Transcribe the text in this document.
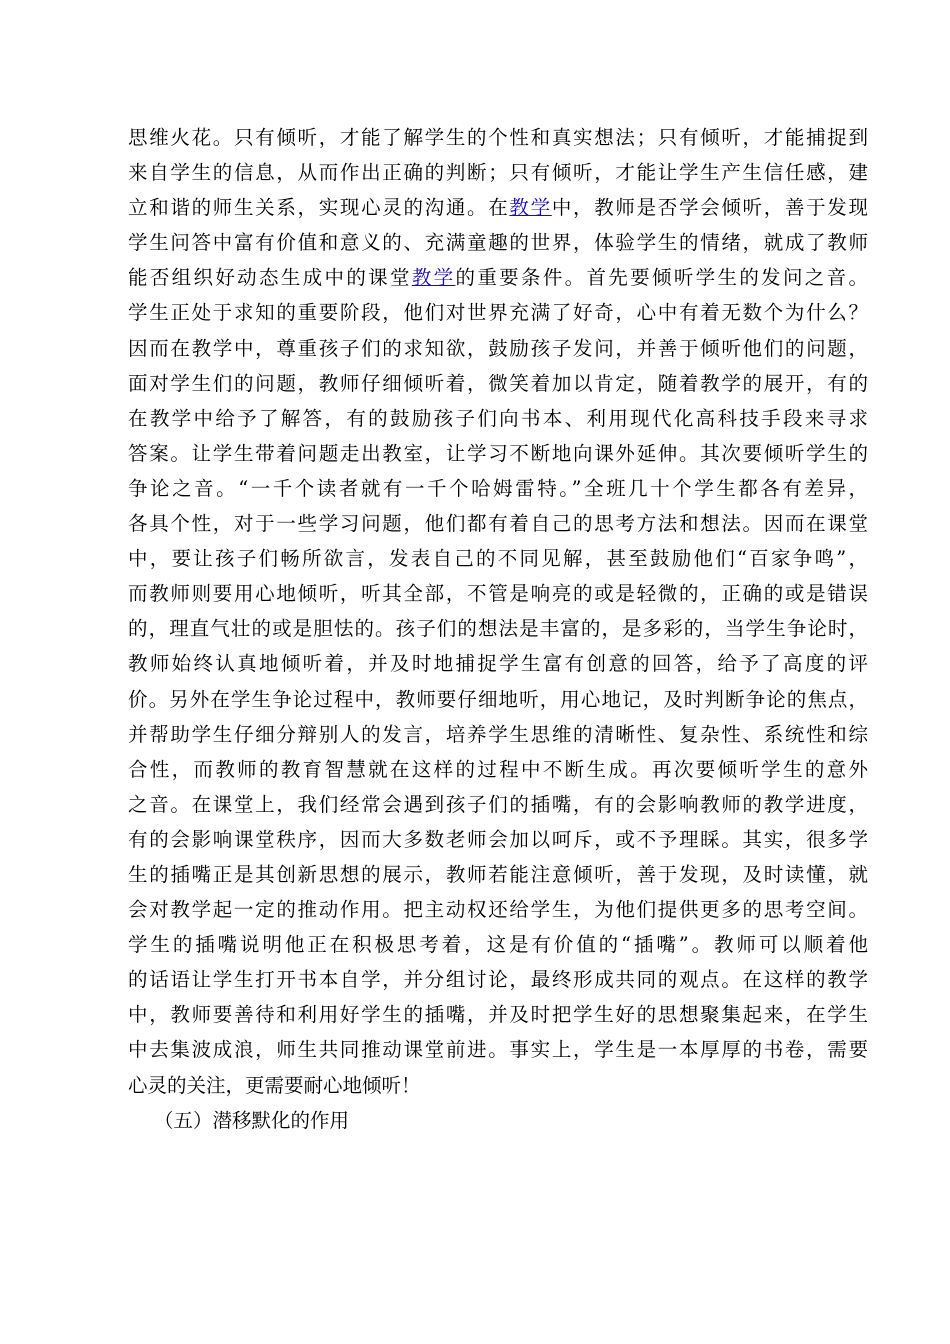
思维火花。只有倾听，才能了解学生的个性和真实想法；只有倾听，才能捕捉到
来自学生的信息，从而作出正确的判断；只有倾听，才能让学生产生信任感，建
立和谐的师生关系，实现心灵的沟通。在教学中，教师是否学会倾听，善于发现
学生问答中富有价值和意义的、充满童趣的世界，体验学生的情绪，就成了教师
能否组织好动态生成中的课堂教学的重要条件。首先要倾听学生的发问之音。
学生正处于求知的重要阶段，他们对世界充满了好奇，心中有着无数个为什么？
因而在教学中，尊重孩子们的求知欲，鼓励孩子发问，并善于倾听他们的问题，
面对学生们的问题，教师仔细倾听着，微笑着加以肯定，随着教学的展开，有的
在教学中给予了解答，有的鼓励孩子们向书本、利用现代化高科技手段来寻求
答案。让学生带着问题走出教室，让学习不断地向课外延伸。其次要倾听学生的
争论之音。“一千个读者就有一千个哈姆雷特。”全班几十个学生都各有差异，
各具个性，对于一些学习问题，他们都有着自己的思考方法和想法。因而在课堂
中，要让孩子们畅所欲言，发表自己的不同见解，甚至鼓励他们“百家争鸣”，
而教师则要用心地倾听，听其全部，不管是响亮的或是轻微的，正确的或是错误
的，理直气壮的或是胆怯的。孩子们的想法是丰富的，是多彩的，当学生争论时，
教师始终认真地倾听着，并及时地捕捉学生富有创意的回答，给予了高度的评
价。另外在学生争论过程中，教师要仔细地听，用心地记，及时判断争论的焦点，
并帮助学生仔细分辩别人的发言，培养学生思维的清晰性、复杂性、系统性和综
合性，而教师的教育智慧就在这样的过程中不断生成。再次要倾听学生的意外
之音。在课堂上，我们经常会遇到孩子们的插嘴，有的会影响教师的教学进度，
有的会影响课堂秩序，因而大多数老师会加以呵斥，或不予理睬。其实，很多学
生的插嘴正是其创新思想的展示，教师若能注意倾听，善于发现，及时读懂，就
会对教学起一定的推动作用。把主动权还给学生，为他们提供更多的思考空间。
学生的插嘴说明他正在积极思考着，这是有价值的“插嘴”。教师可以顺着他
的话语让学生打开书本自学，并分组讨论，最终形成共同的观点。在这样的教学
中，教师要善待和利用好学生的插嘴，并及时把学生好的思想聚集起来，在学生
中去集波成浪，师生共同推动课堂前进。事实上，学生是一本厚厚的书卷，需要
心灵的关注，更需要耐心地倾听！
（五）潜移默化的作用
